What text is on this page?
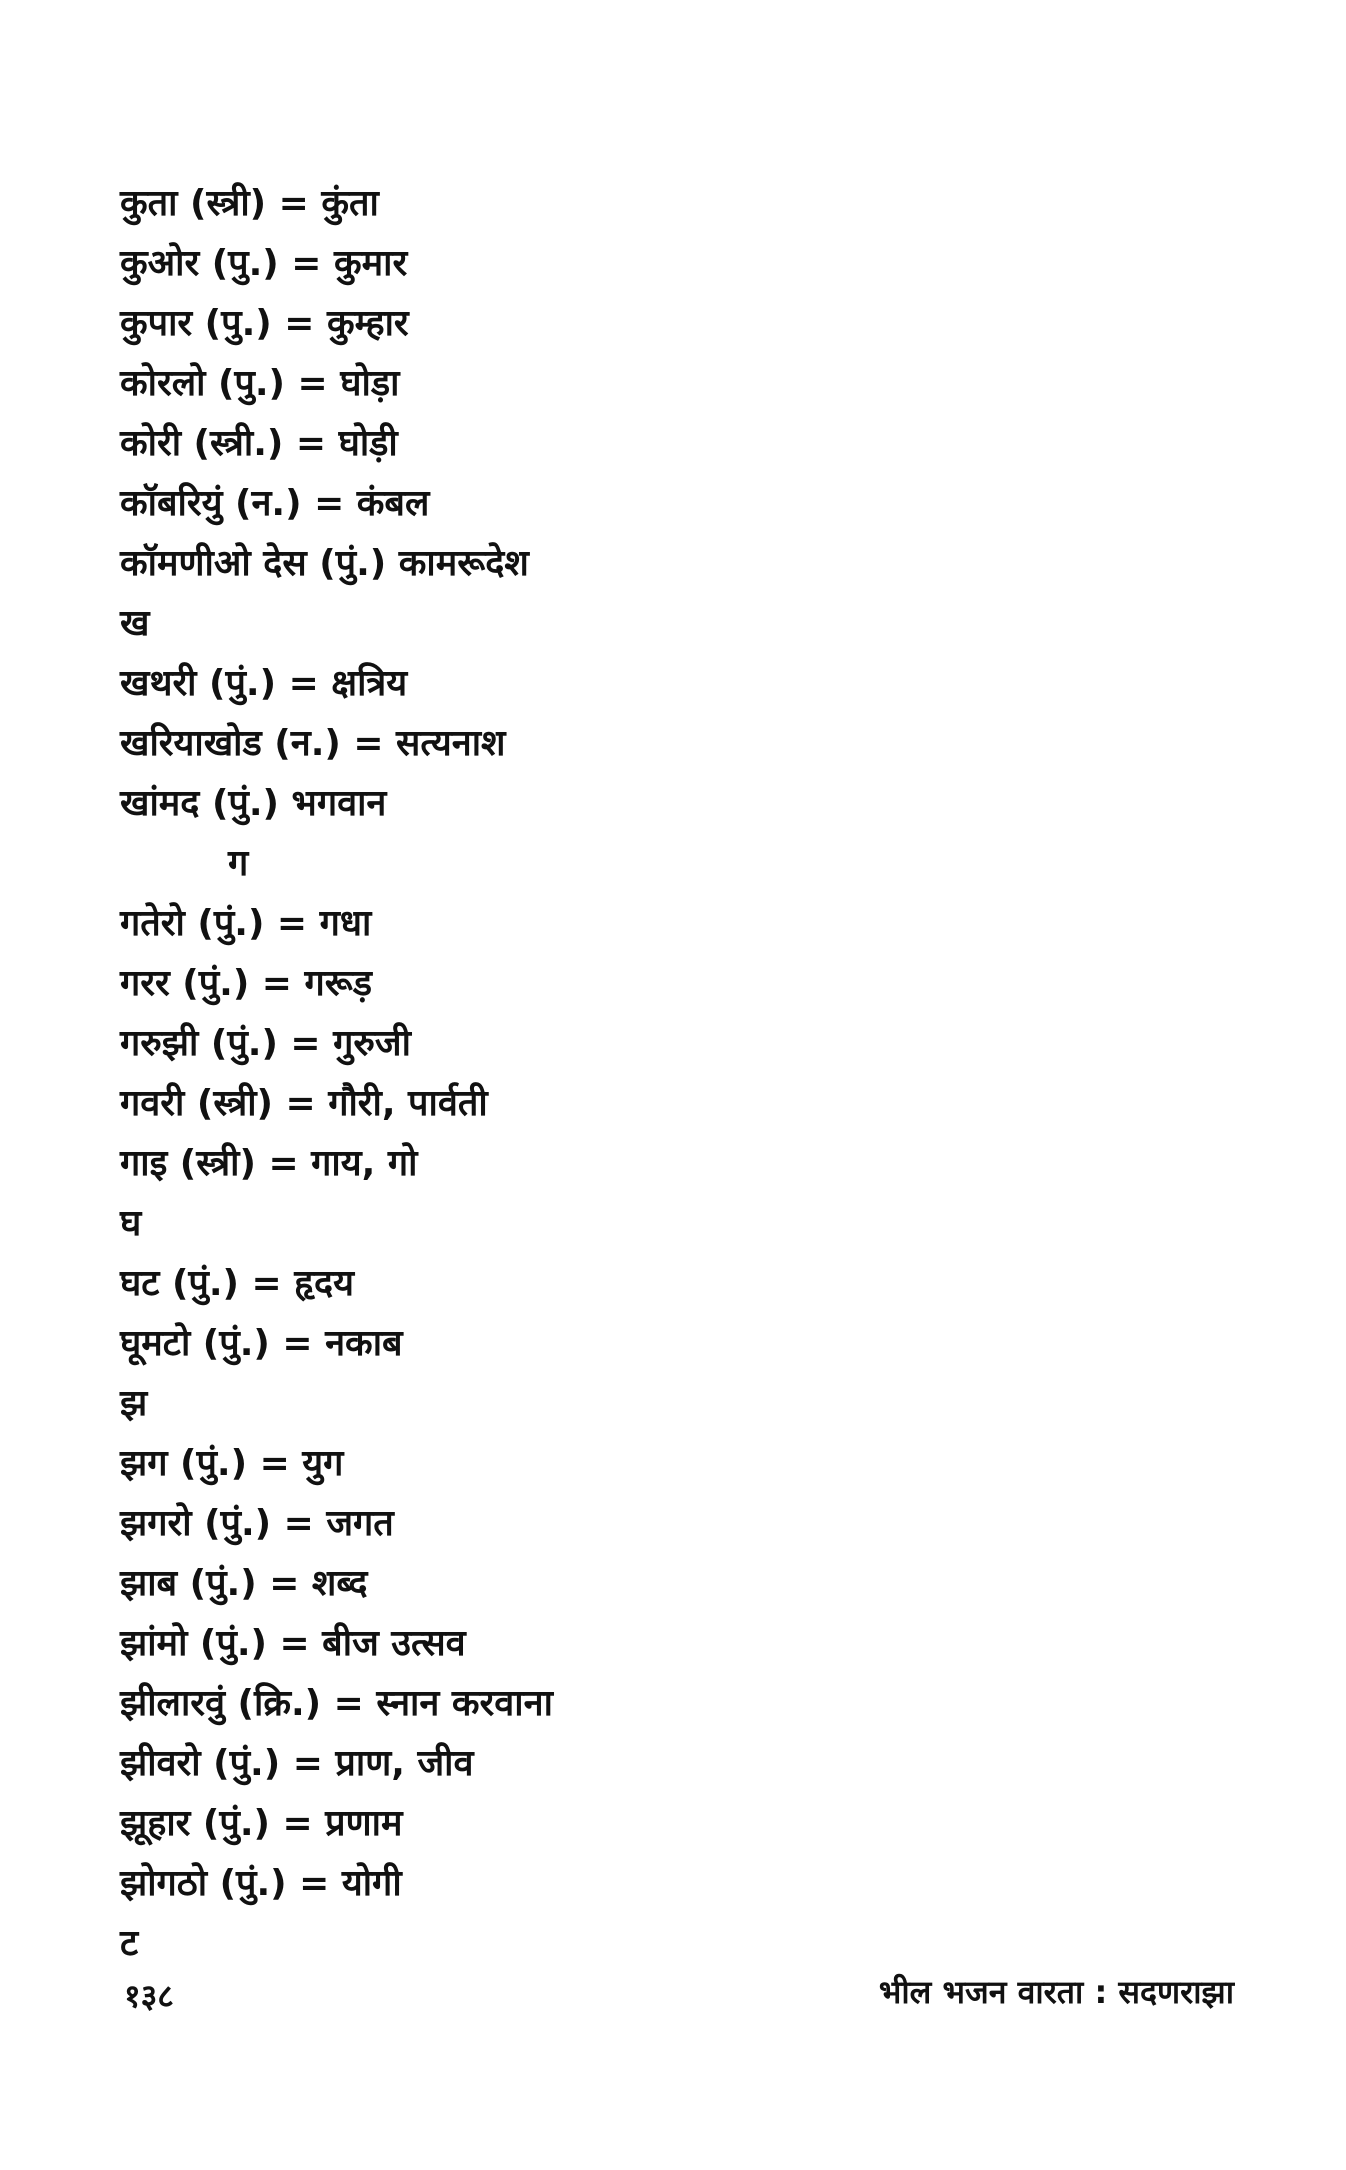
कुता (स्त्री) = कुंता
कुओर (पु.) = कुमार
कुपार (पु.) = कुम्हार
कोरलो (पु.) = घोड़ा
कोरी (स्त्री.) = घोड़ी
कॉबरियुं (न.) = कंबल
कॉमणीओ देस (पुं.) कामरूदेश
ख
खथरी (पुं.) = क्षत्रिय
खरियाखोड (न.) = सत्यनाश
खांमद (पुं.) भगवान
ग
गतेरो (पुं.) = गधा
गरर (पुं.) = गरूड़
गरुझी (पुं.) = गुरुजी
गवरी (स्त्री) = गौरी, पार्वती
गाइ (स्त्री) = गाय, गो
घ
घट (पुं.) = हृदय
घूमटो (पुं.) = नकाब
झ
झग (पुं.) = युग
झगरो (पुं.) = जगत
झाब (पुं.) = शब्द
झांमो (पुं.) = बीज उत्सव
झीलारवुं (क्रि.) = स्नान करवाना
झीवरो (पुं.) = प्राण, जीव
झूहार (पुं.) = प्रणाम
झोगठो (पुं.) = योगी
ट
१३८	भील भजन वारता : सदणराझा
